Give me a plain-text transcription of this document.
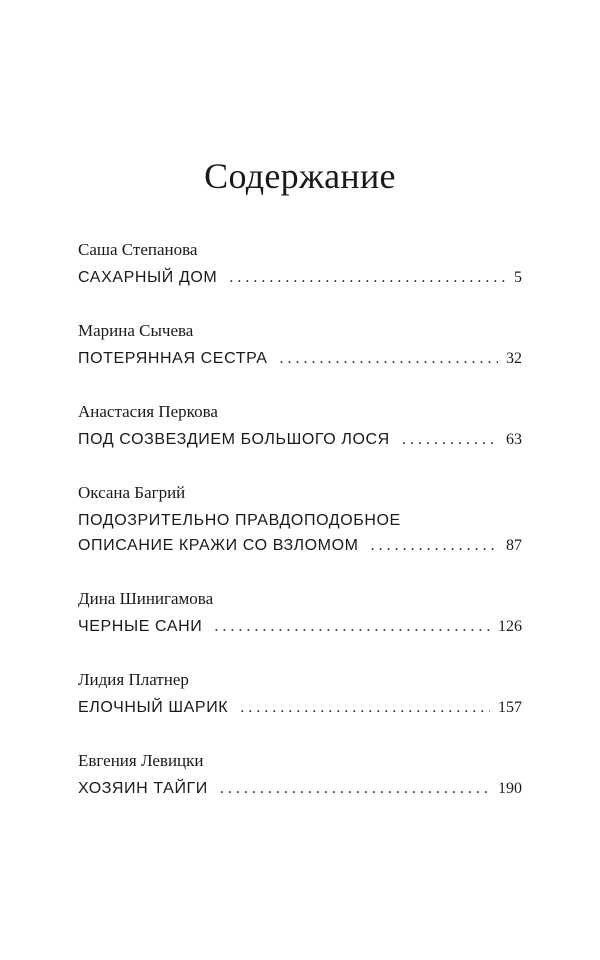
Содержание
Саша Степанова
САХАРНЫЙ ДОМ . . .	5
Марина Сычева
ПОТЕРЯННАЯ СЕСТРА . . .	32
Анастасия Перкова
ПОД СОЗВЕЗДИЕМ БОЛЬШОГО ЛОСЯ . . .	63
Оксана Багрий
ПОДОЗРИТЕЛЬНО ПРАВДОПОДОБНОЕ
ОПИСАНИЕ КРАЖИ СО ВЗЛОМОМ . . .	87
Дина Шинигамова
ЧЕРНЫЕ САНИ . . .	126
Лидия Платнер
ЕЛОЧНЫЙ ШАРИК . . .	157
Евгения Левицки
ХОЗЯИН ТАЙГИ . . .	190
